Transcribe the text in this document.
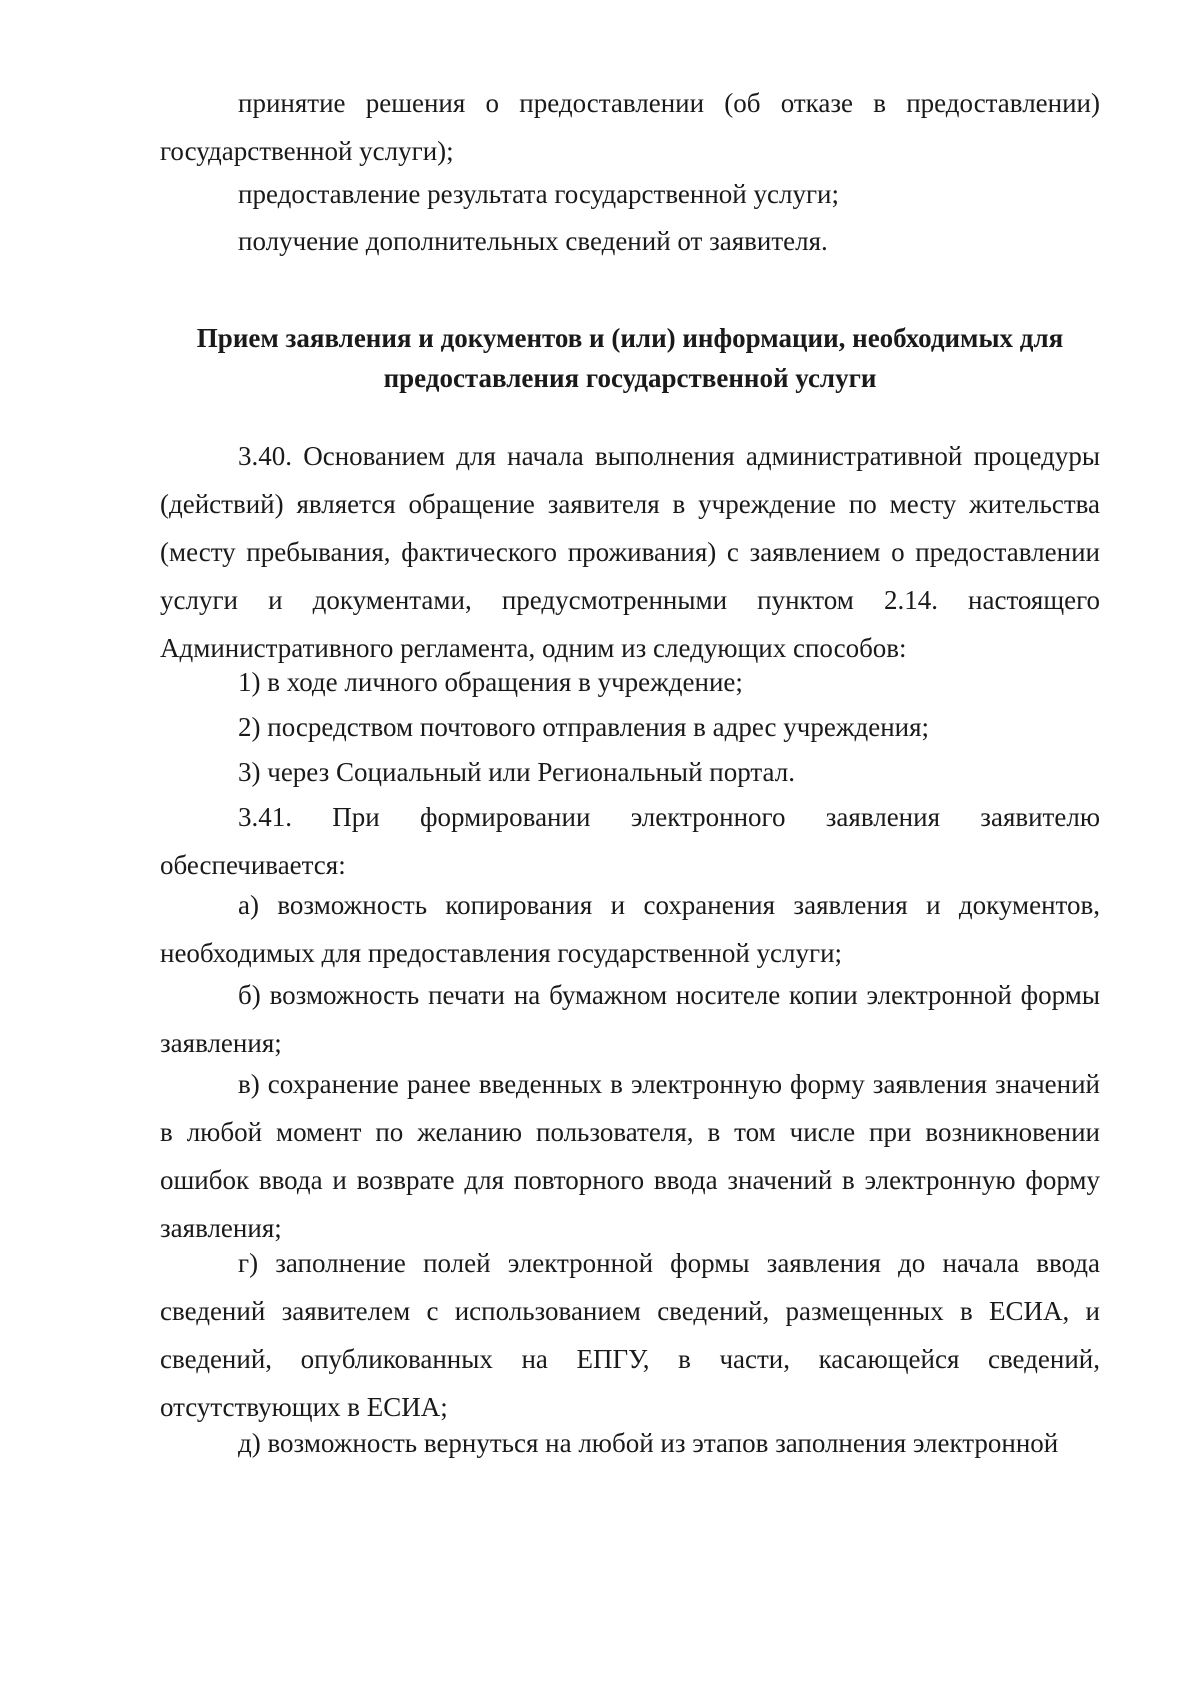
принятие решения о предоставлении (об отказе в предоставлении) государственной услуги);

предоставление результата государственной услуги;

получение дополнительных сведений от заявителя.

Прием заявления и документов и (или) информации, необходимых для предоставления государственной услуги

3.40. Основанием для начала выполнения административной процедуры (действий) является обращение заявителя в учреждение по месту жительства (месту пребывания, фактического проживания) с заявлением о предоставлении услуги и документами, предусмотренными пунктом 2.14. настоящего Административного регламента, одним из следующих способов:

1) в ходе личного обращения в учреждение;

2) посредством почтового отправления в адрес учреждения;

3) через Социальный или Региональный портал.

3.41. При формировании электронного заявления заявителю обеспечивается:

а) возможность копирования и сохранения заявления и документов, необходимых для предоставления государственной услуги;

б) возможность печати на бумажном носителе копии электронной формы заявления;

в) сохранение ранее введенных в электронную форму заявления значений в любой момент по желанию пользователя, в том числе при возникновении ошибок ввода и возврате для повторного ввода значений в электронную форму заявления;

г) заполнение полей электронной формы заявления до начала ввода сведений заявителем с использованием сведений, размещенных в ЕСИА, и сведений, опубликованных на ЕПГУ, в части, касающейся сведений, отсутствующих в ЕСИА;

д) возможность вернуться на любой из этапов заполнения электронной
